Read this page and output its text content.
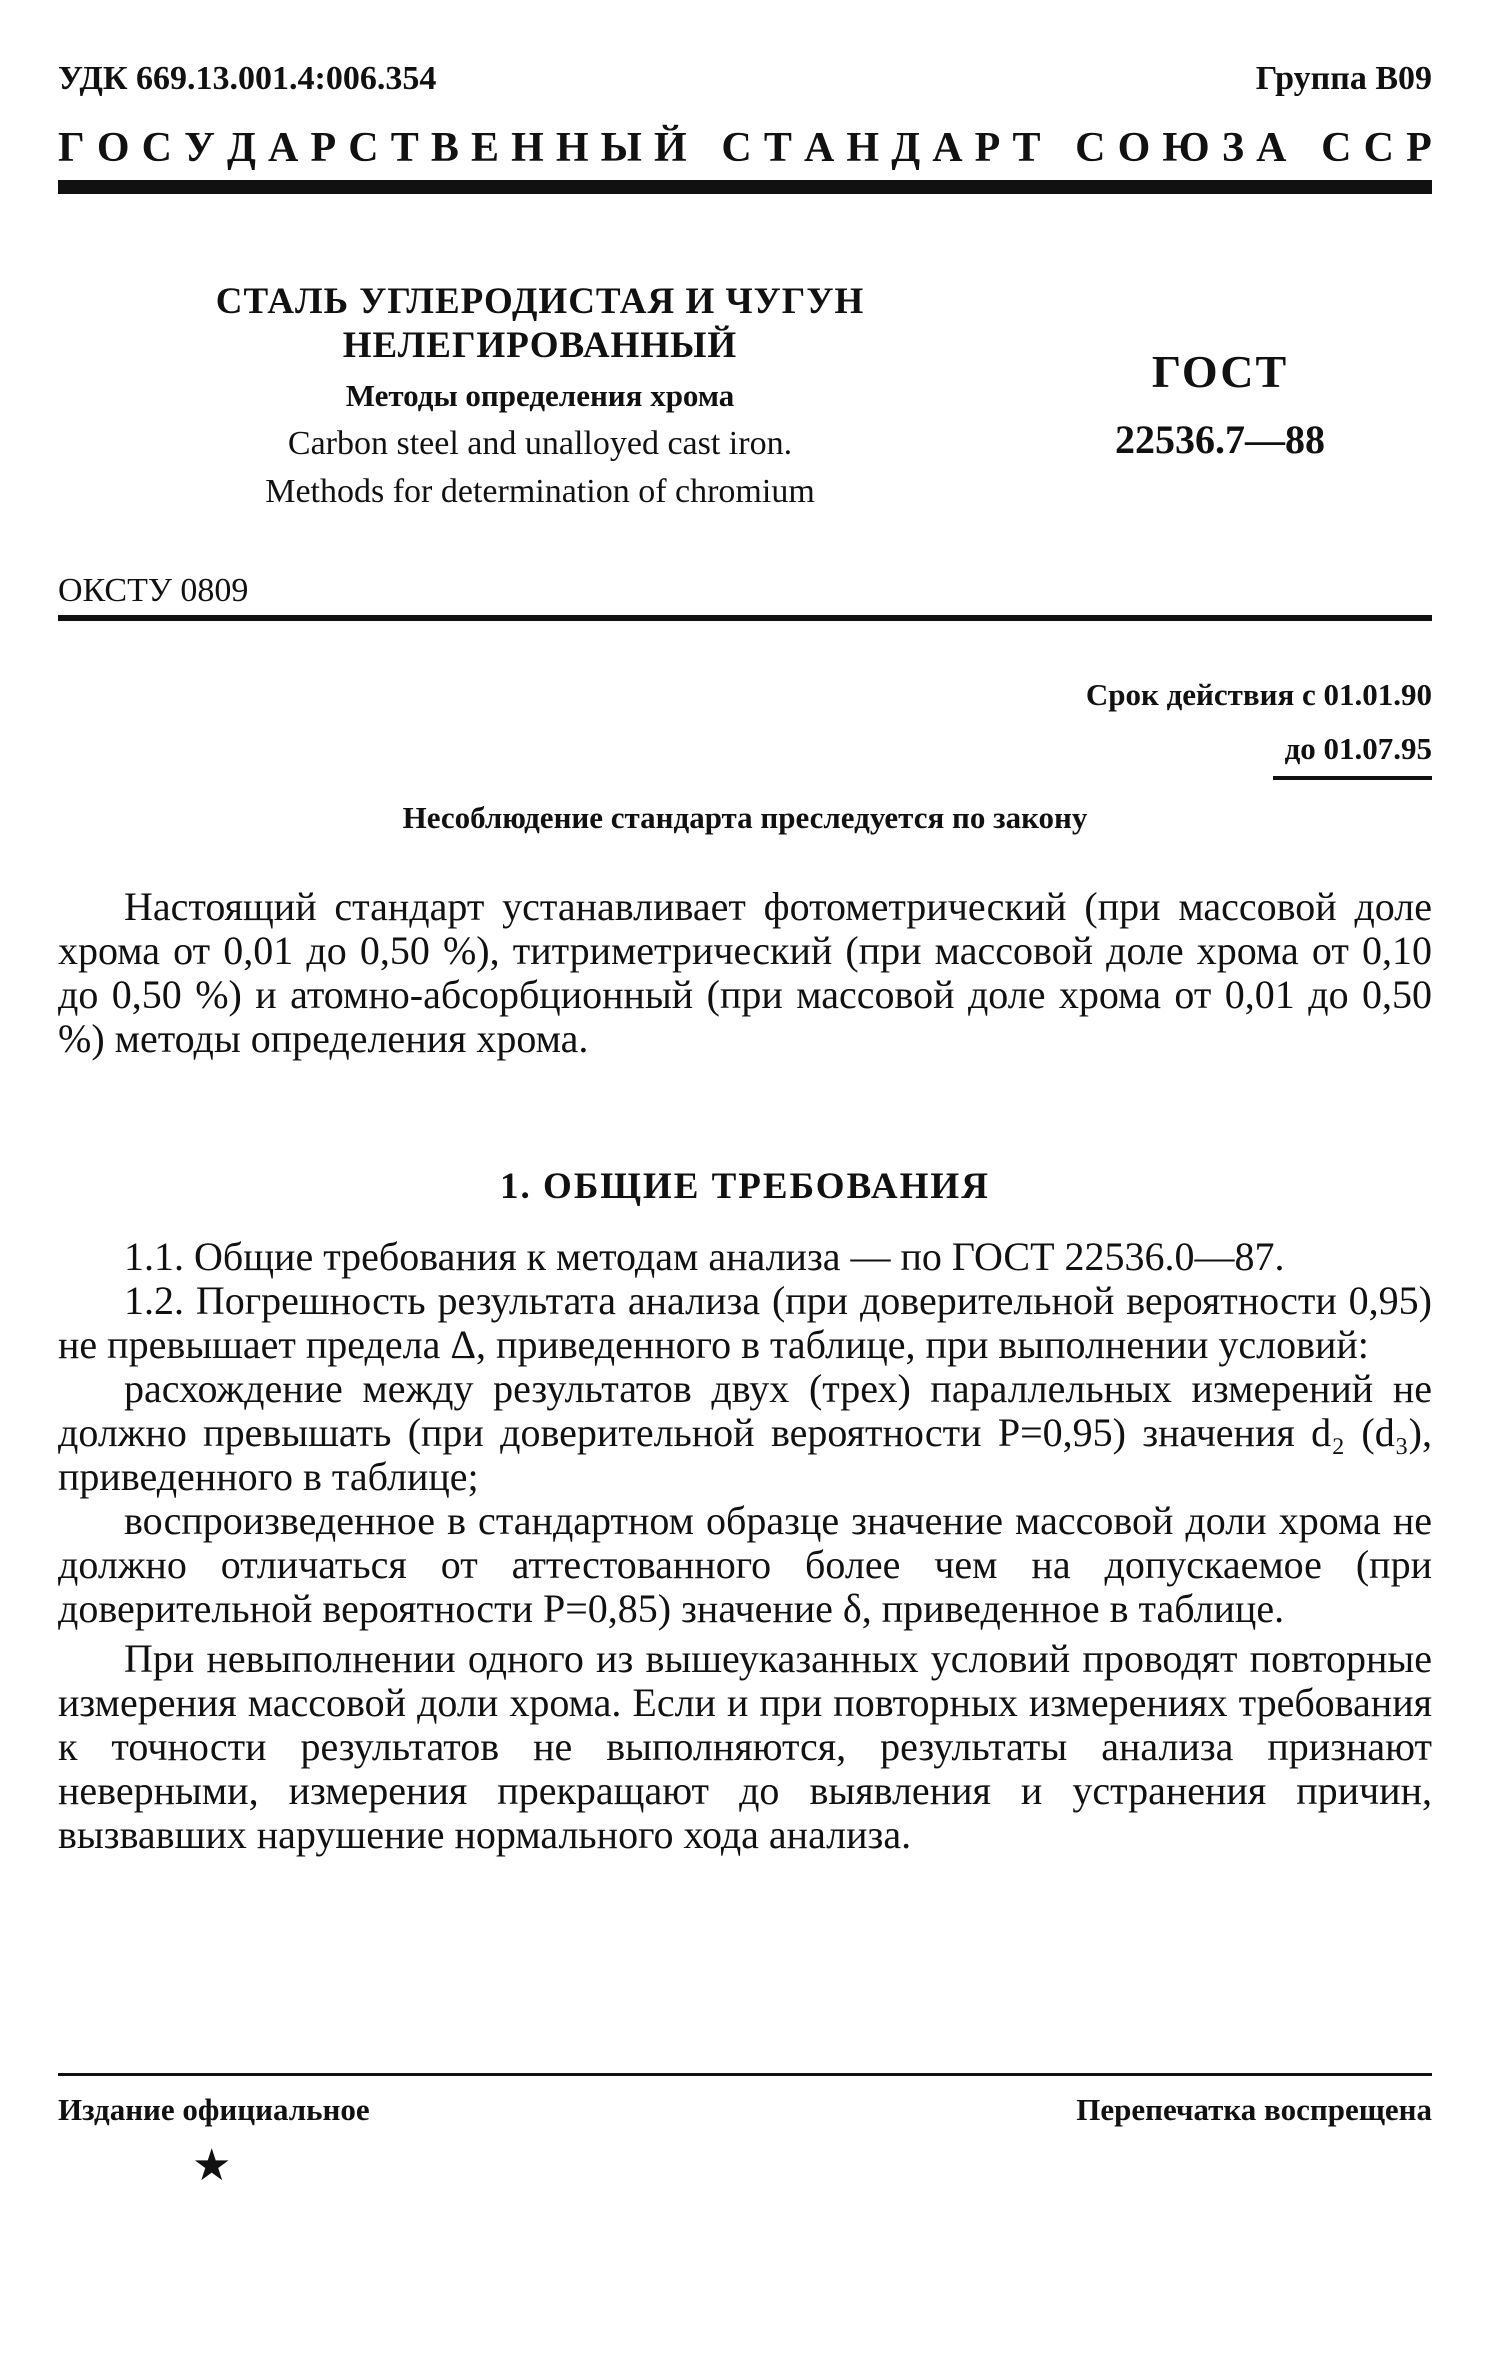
УДК 669.13.001.4:006.354	Группа В09
Г О С У Д А Р С Т В Е Н Н Ы Й
С Т А Н Д А Р Т
С О Ю З А
С С Р
СТАЛЬ УГЛЕРОДИСТАЯ И ЧУГУН
НЕЛЕГИРОВАННЫЙ
Методы определения хрома
Carbon steel and unalloyed cast iron.
Methods for determination of chromium
ГОСТ
22536.7—88
ОКСТУ 0809
Срок действия с 01.01.90
до 01.07.95
Несоблюдение стандарта преследуется по закону

Настоящий стандарт устанавливает фотометрический (при массовой доле хрома от 0,01 до 0,50 %), титриметрический (при массовой доле хрома от 0,10 до 0,50 %) и атомно-абсорбционный (при массовой доле хрома от 0,01 до 0,50 %) методы определения хрома.

1. ОБЩИЕ ТРЕБОВАНИЯ

1.1. Общие требования к методам анализа — по ГОСТ 22536.0—87.

1.2. Погрешность результата анализа (при доверительной вероятности 0,95) не превышает предела Δ, приведенного в таблице, при выполнении условий:

расхождение между результатов двух (трех) параллельных измерений не должно превышать (при доверительной вероятности P=0,95) значения d₂ (d₃), приведенного в таблице;

воспроизведенное в стандартном образце значение массовой доли хрома не должно отличаться от аттестованного более чем на допускаемое (при доверительной вероятности P=0,85) значение δ, приведенное в таблице.

При невыполнении одного из вышеуказанных условий проводят повторные измерения массовой доли хрома. Если и при повторных измерениях требования к точности результатов не выполняются, результаты анализа признают неверными, измерения прекращают до выявления и устранения причин, вызвавших нарушение нормального хода анализа.

Издание официальное	Перепечатка воспрещена
★
